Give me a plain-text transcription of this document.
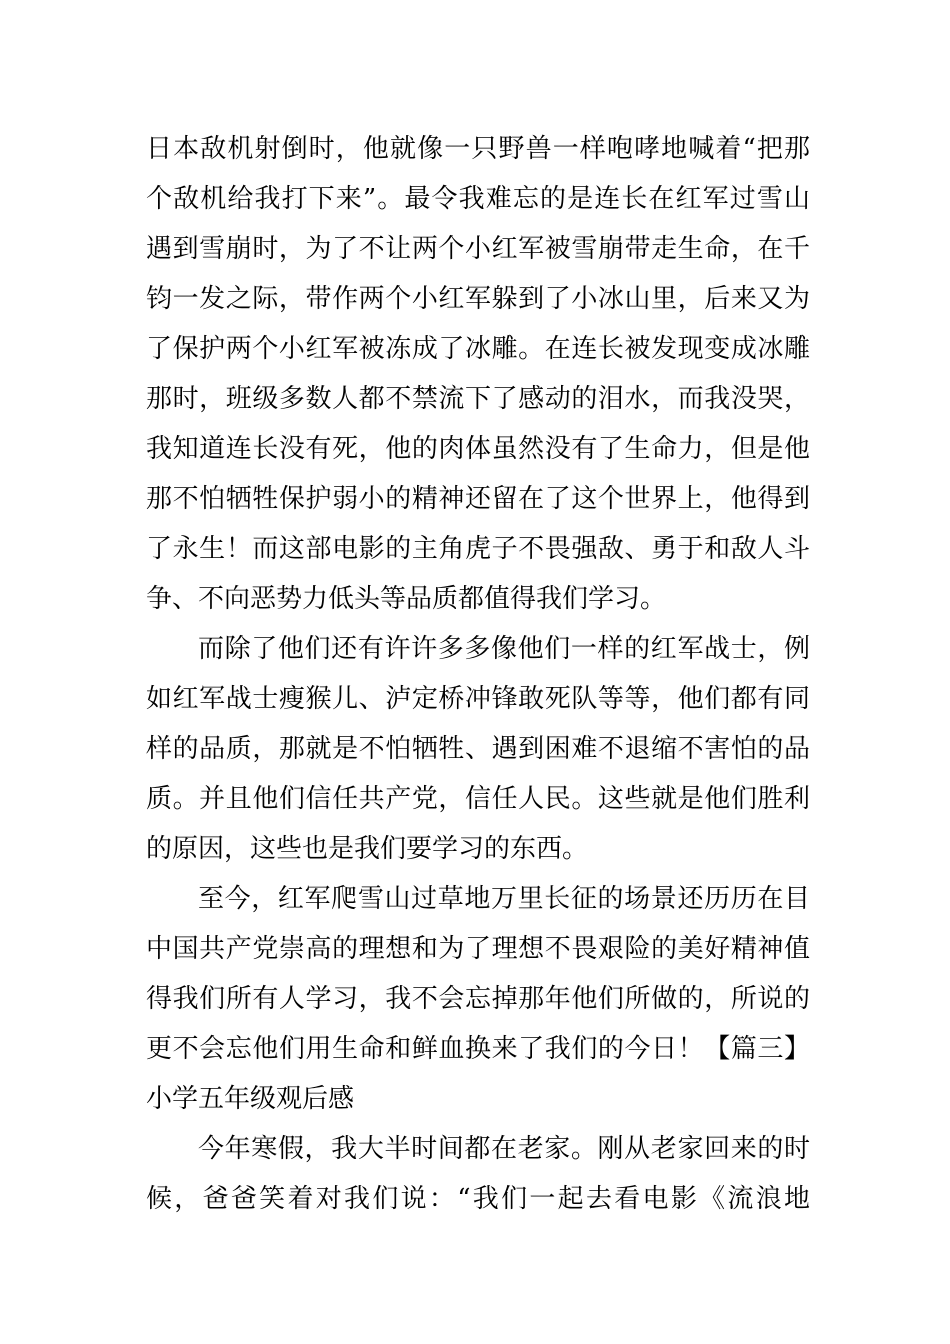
日本敌机射倒时，他就像一只野兽一样咆哮地喊着“把那
个敌机给我打下来”。最令我难忘的是连长在红军过雪山
遇到雪崩时，为了不让两个小红军被雪崩带走生命，在千
钧一发之际，带作两个小红军躲到了小冰山里，后来又为
了保护两个小红军被冻成了冰雕。在连长被发现变成冰雕
那时，班级多数人都不禁流下了感动的泪水，而我没哭，
我知道连长没有死，他的肉体虽然没有了生命力，但是他
那不怕牺牲保护弱小的精神还留在了这个世界上，他得到
了永生！而这部电影的主角虎子不畏强敌、勇于和敌人斗
争、不向恶势力低头等品质都值得我们学习。
而除了他们还有许许多多像他们一样的红军战士，例
如红军战士瘦猴儿、泸定桥冲锋敢死队等等，他们都有同
样的品质，那就是不怕牺牲、遇到困难不退缩不害怕的品
质。并且他们信任共产党，信任人民。这些就是他们胜利
的原因，这些也是我们要学习的东西。
至今，红军爬雪山过草地万里长征的场景还历历在目
中国共产党崇高的理想和为了理想不畏艰险的美好精神值
得我们所有人学习，我不会忘掉那年他们所做的，所说的
更不会忘他们用生命和鲜血换来了我们的今日！【篇三】
小学五年级观后感
今年寒假，我大半时间都在老家。刚从老家回来的时
候，爸爸笑着对我们说：“我们一起去看电影《流浪地
